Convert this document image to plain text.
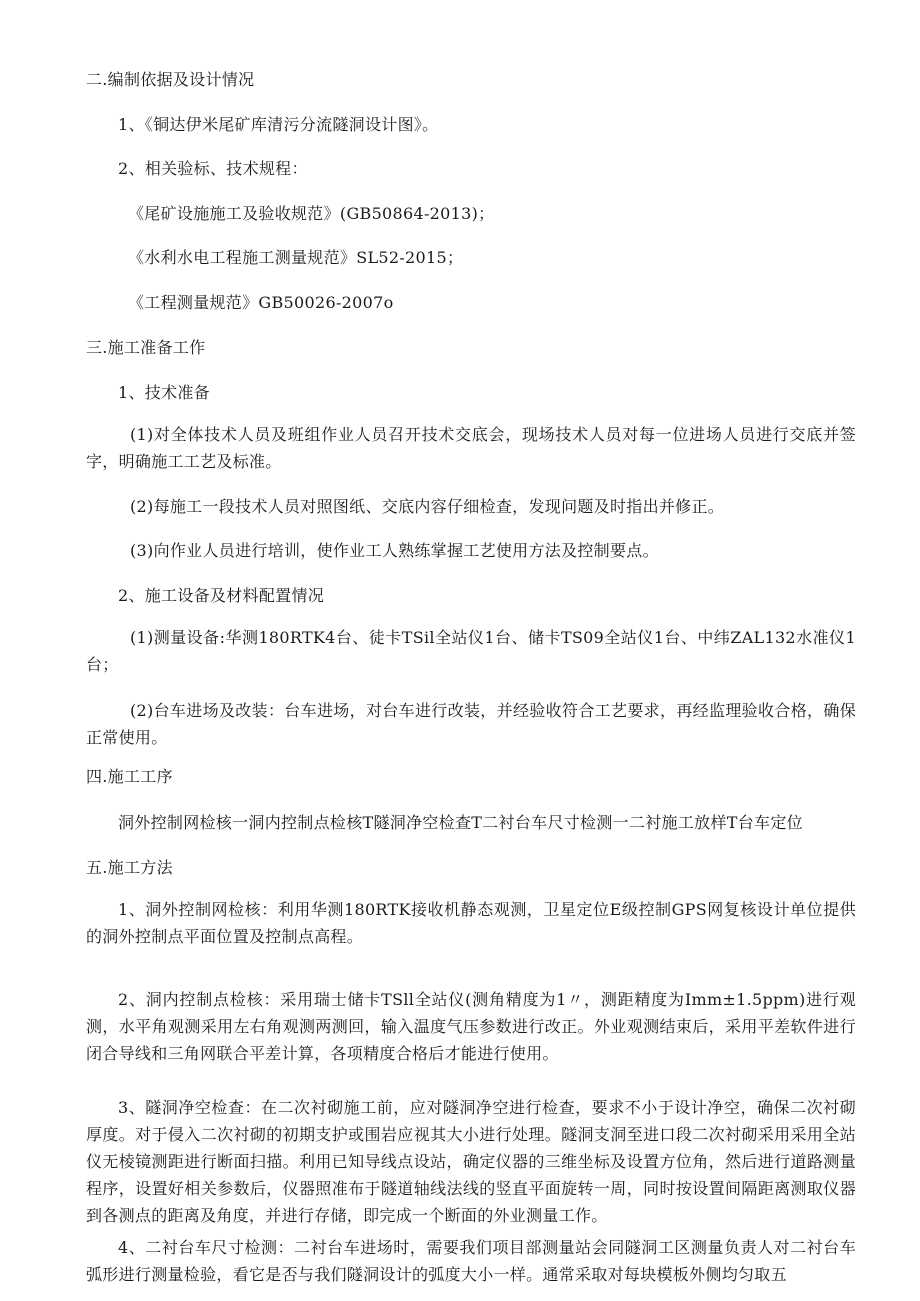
二.编制依据及设计情况
1、《铜达伊米尾矿库清污分流隧洞设计图》。
2、相关验标、技术规程：
《尾矿设施施工及验收规范》(GB50864-2013)；
《水利水电工程施工测量规范》SL52-2015；
《工程测量规范》GB50026-2007o
三.施工准备工作
1、技术准备
(1)对全体技术人员及班组作业人员召开技术交底会，现场技术人员对每一位进场人员进行交底并签字，明确施工工艺及标准。
(2)每施工一段技术人员对照图纸、交底内容仔细检查，发现问题及时指出并修正。
(3)向作业人员进行培训，使作业工人熟练掌握工艺使用方法及控制要点。
2、施工设备及材料配置情况
(1)测量设备:华测180RTK4台、徒卡TSil全站仪1台、储卡TS09全站仪1台、中纬ZAL132水准仪1台；
(2)台车进场及改装：台车进场，对台车进行改装，并经验收符合工艺要求，再经监理验收合格，确保正常使用。
四.施工工序
洞外控制网检核一洞内控制点检核T隧洞净空检查T二衬台车尺寸检测一二衬施工放样T台车定位
五.施工方法
1、洞外控制网检核：利用华测180RTK接收机静态观测，卫星定位E级控制GPS网复核设计单位提供的洞外控制点平面位置及控制点高程。
2、洞内控制点检核：采用瑞士储卡TSll全站仪(测角精度为1〃，测距精度为Imm±1.5ppm)进行观测，水平角观测采用左右角观测两测回，输入温度气压参数进行改正。外业观测结束后，采用平差软件进行闭合导线和三角网联合平差计算，各项精度合格后才能进行使用。
3、隧洞净空检查：在二次衬砌施工前，应对隧洞净空进行检查，要求不小于设计净空，确保二次衬砌厚度。对于侵入二次衬砌的初期支护或围岩应视其大小进行处理。隧洞支洞至进口段二次衬砌采用采用全站仪无棱镜测距进行断面扫描。利用已知导线点设站，确定仪器的三维坐标及设置方位角，然后进行道路测量程序，设置好相关参数后，仪器照准布于隧道轴线法线的竖直平面旋转一周，同时按设置间隔距离测取仪器到各测点的距离及角度，并进行存储，即完成一个断面的外业测量工作。
4、二衬台车尺寸检测：二衬台车进场时，需要我们项目部测量站会同隧洞工区测量负责人对二衬台车弧形进行测量检验，看它是否与我们隧洞设计的弧度大小一样。通常采取对每块模板外侧均匀取五
